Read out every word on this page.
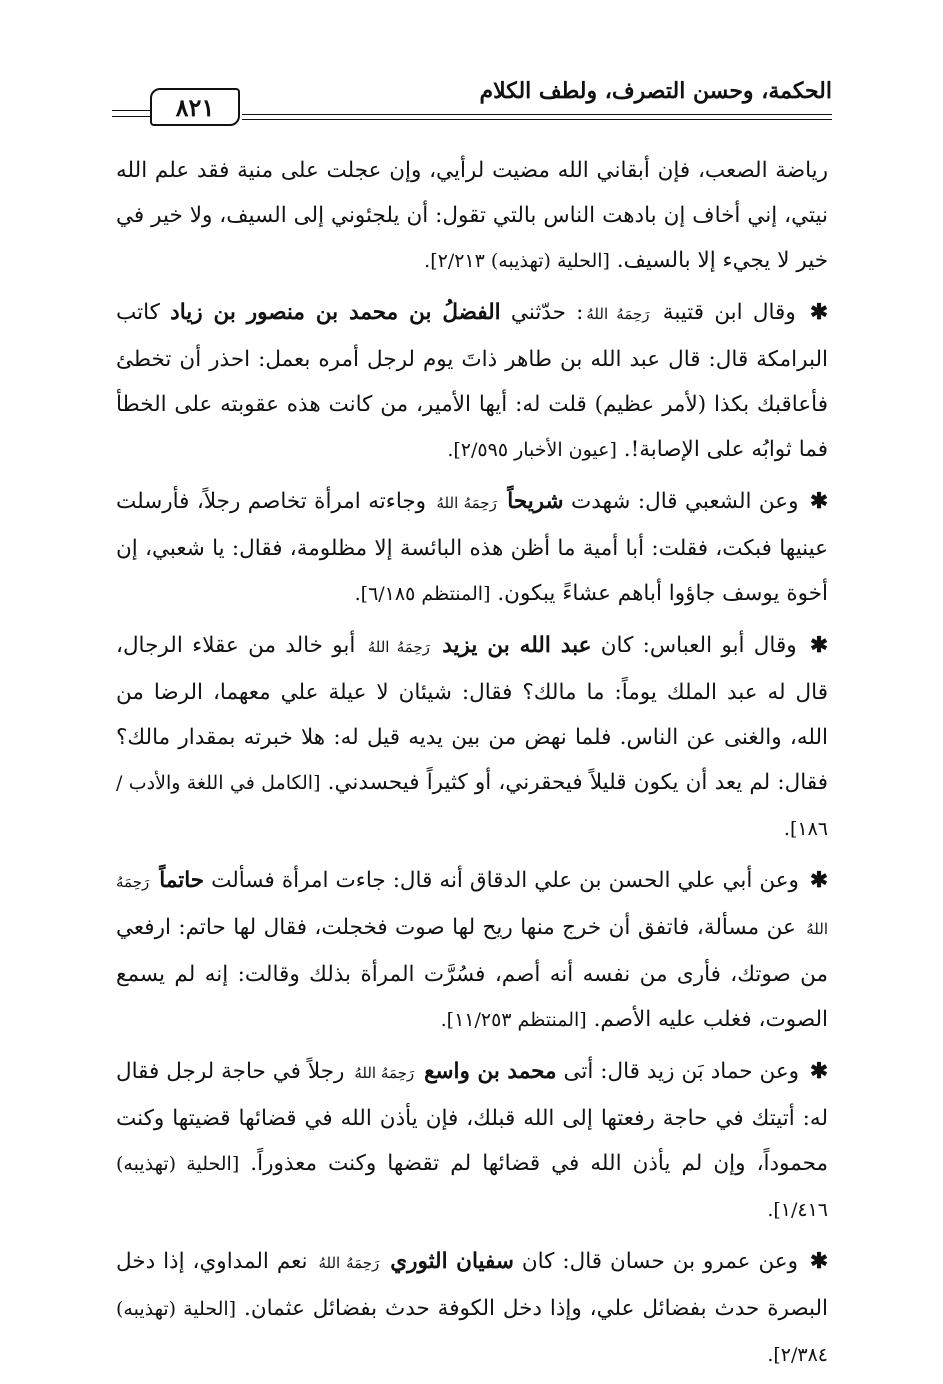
الحكمة، وحسن التصرف، ولطف الكلام
٨٢١

رياضة الصعب، فإن أبقاني الله مضيت لرأيي، وإن عجلت على منية فقد علم الله نيتي، إني أخاف إن بادهت الناس بالتي تقول: أن يلجئوني إلى السيف، ولا خير في خير لا يجيء إلا بالسيف. [الحلية (تهذيبه) ٢/٢١٣].

✱ وقال ابن قتيبة رَحِمَهُ اللهُ: حدّثني الفضلُ بن محمد بن منصور بن زياد كاتب البرامكة قال: قال عبد الله بن طاهر ذاتَ يوم لرجل أمره بعمل: احذر أن تخطئ فأعاقبك بكذا (لأمر عظيم) قلت له: أيها الأمير، من كانت هذه عقوبته على الخطأ فما ثوابُه على الإصابة!. [عيون الأخبار ٢/٥٩٥].

✱ وعن الشعبي قال: شهدت شريحاً رَحِمَهُ اللهُ وجاءته امرأة تخاصم رجلاً، فأرسلت عينيها فبكت، فقلت: أبا أمية ما أظن هذه البائسة إلا مظلومة، فقال: يا شعبي، إن أخوة يوسف جاؤوا أباهم عشاءً يبكون. [المنتظم ٦/١٨٥].

✱ وقال أبو العباس: كان عبد الله بن يزيد رَحِمَهُ اللهُ أبو خالد من عقلاء الرجال، قال له عبد الملك يوماً: ما مالك؟ فقال: شيئان لا عيلة علي معهما، الرضا من الله، والغنى عن الناس. فلما نهض من بين يديه قيل له: هلا خبرته بمقدار مالك؟ فقال: لم يعد أن يكون قليلاً فيحقرني، أو كثيراً فيحسدني. [الكامل في اللغة والأدب /١٨٦].

✱ وعن أبي علي الحسن بن علي الدقاق أنه قال: جاءت امرأة فسألت حاتماً رَحِمَهُ اللهُ عن مسألة، فاتفق أن خرج منها ريح لها صوت فخجلت، فقال لها حاتم: ارفعي من صوتك، فأرى من نفسه أنه أصم، فسُرَّت المرأة بذلك وقالت: إنه لم يسمع الصوت، فغلب عليه الأصم. [المنتظم ١١/٢٥٣].

✱ وعن حماد بَن زيد قال: أتى محمد بن واسع رَحِمَهُ اللهُ رجلاً في حاجة لرجل فقال له: أتيتك في حاجة رفعتها إلى الله قبلك، فإن يأذن الله في قضائها قضيتها وكنت محموداً، وإن لم يأذن الله في قضائها لم تقضها وكنت معذوراً. [الحلية (تهذيبه) ١/٤١٦].

✱ وعن عمرو بن حسان قال: كان سفيان الثوري رَحِمَهُ اللهُ نعم المداوي، إذا دخل البصرة حدث بفضائل علي، وإذا دخل الكوفة حدث بفضائل عثمان. [الحلية (تهذيبه) ٢/٣٨٤].
